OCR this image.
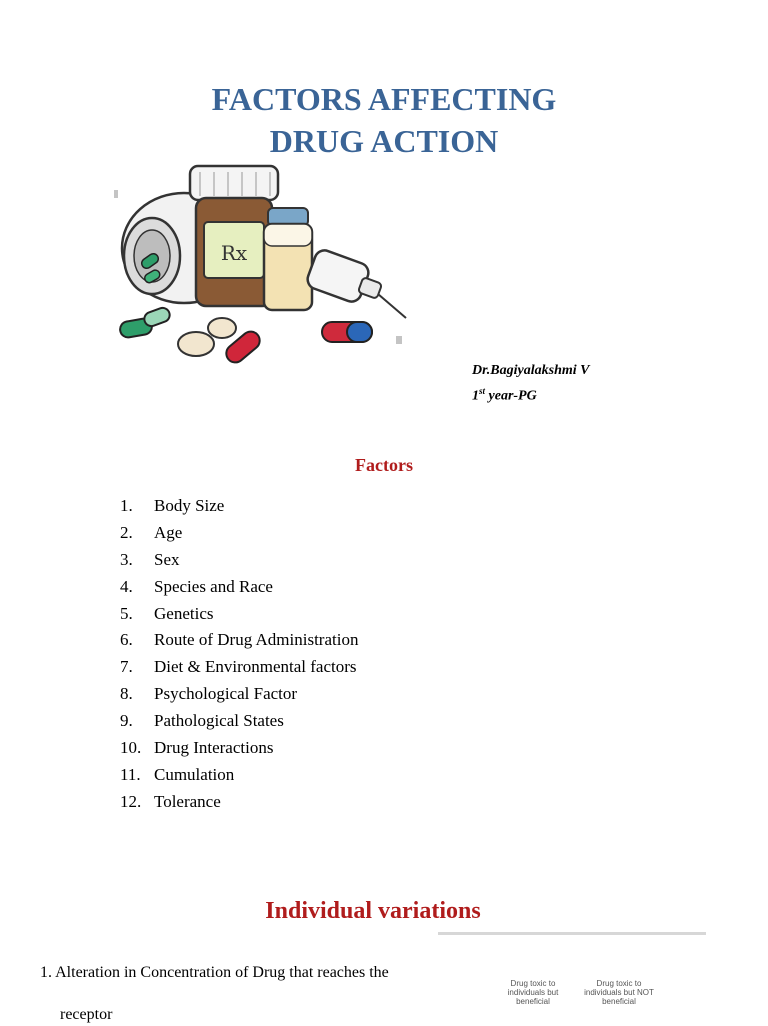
FACTORS AFFECTING
DRUG ACTION
Rx
Dr.Bagiyalakshmi V
1st year-PG
Factors
1. Body Size
2. Age
3. Sex
4. Species and Race
5. Genetics
6. Route of Drug Administration
7. Diet & Environmental factors
8. Psychological Factor
9. Pathological States
10. Drug Interactions
11. Cumulation
12. Tolerance
Individual variations
1. Alteration in Concentration of Drug that reaches the
receptor
Drug toxic to individuals but beneficial
Drug toxic to individuals but NOT beneficial
